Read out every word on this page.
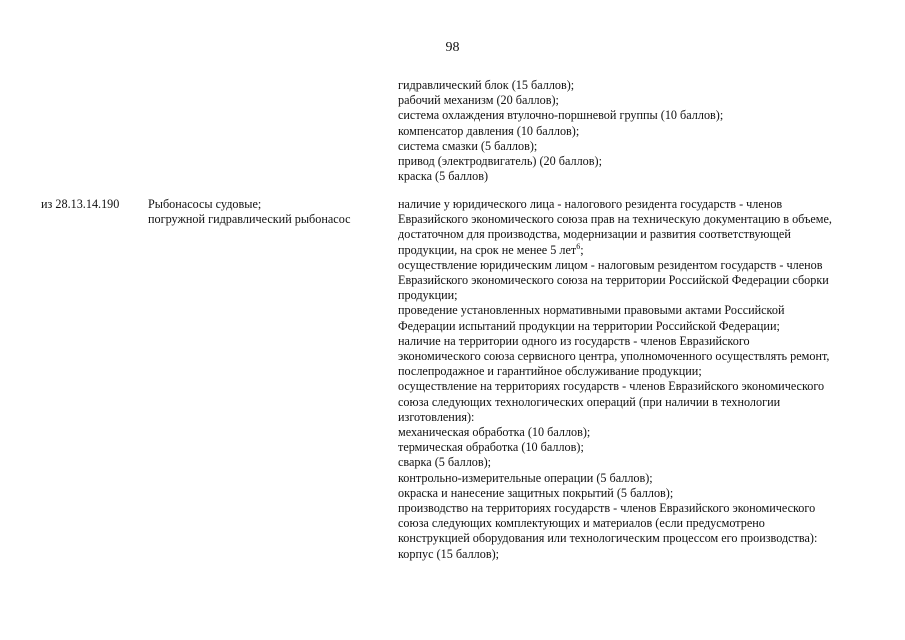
98
гидравлический блок (15 баллов);
рабочий механизм (20 баллов);
система охлаждения втулочно-поршневой группы (10 баллов);
компенсатор давления (10 баллов);
система смазки (5 баллов);
привод (электродвигатель) (20 баллов);
краска (5 баллов)
из 28.13.14.190	Рыбонасосы судовые;
погружной гидравлический рыбонасос
наличие у юридического лица - налогового резидента государств - членов
Евразийского экономического союза прав на техническую документацию в объеме,
достаточном для производства, модернизации и развития соответствующей
продукции, на срок не менее 5 лет$^6$;
осуществление юридическим лицом - налоговым резидентом государств - членов
Евразийского экономического союза на территории Российской Федерации сборки
продукции;
проведение установленных нормативными правовыми актами Российской
Федерации испытаний продукции на территории Российской Федерации;
наличие на территории одного из государств - членов Евразийского
экономического союза сервисного центра, уполномоченного осуществлять ремонт,
послепродажное и гарантийное обслуживание продукции;
осуществление на территориях государств - членов Евразийского экономического
союза следующих технологических операций (при наличии в технологии
изготовления):
механическая обработка (10 баллов);
термическая обработка (10 баллов);
сварка (5 баллов);
контрольно-измерительные операции (5 баллов);
окраска и нанесение защитных покрытий (5 баллов);
производство на территориях государств - членов Евразийского экономического
союза следующих комплектующих и материалов (если предусмотрено
конструкцией оборудования или технологическим процессом его производства):
корпус (15 баллов);
